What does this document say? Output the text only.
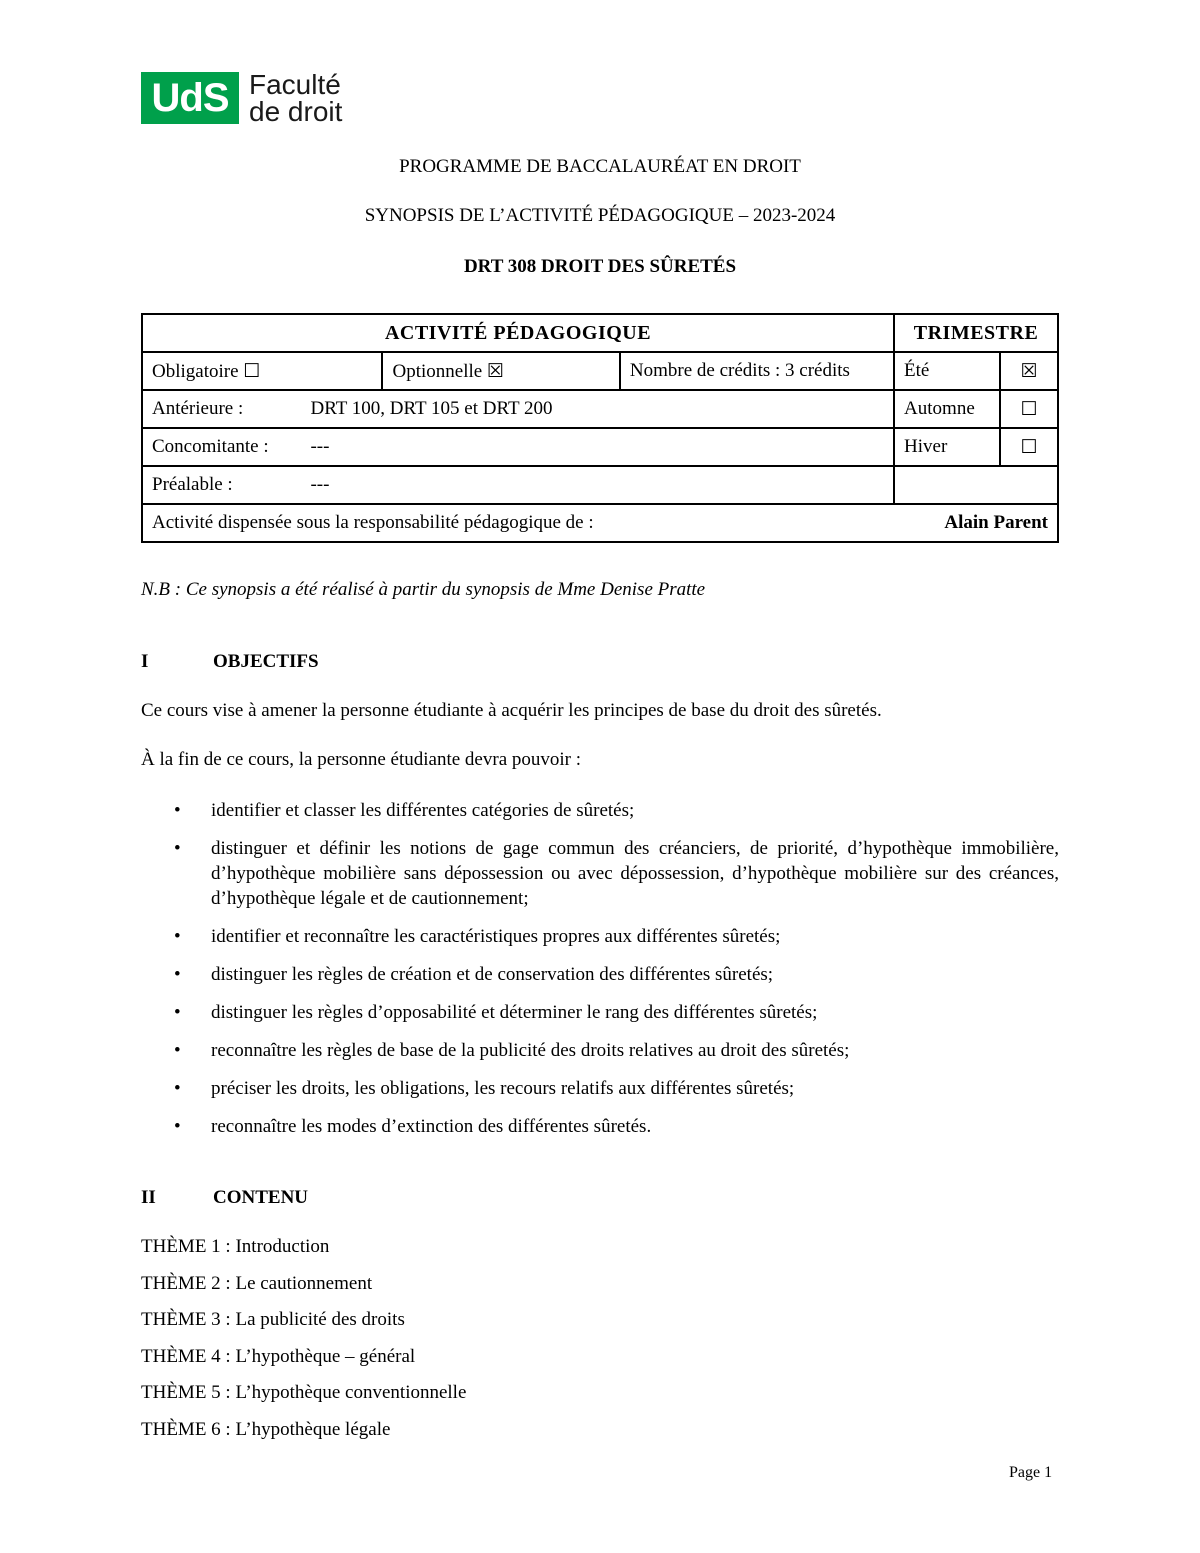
UdS Faculté
de droit
PROGRAMME DE BACCALAURÉAT EN DROIT
SYNOPSIS DE L’ACTIVITÉ PÉDAGOGIQUE – 2023-2024
DRT 308 DROIT DES SÛRETÉS
ACTIVITÉ PÉDAGOGIQUE			TRIMESTRE	
Obligatoire ☐	Optionnelle ☒	Nombre de crédits : 3 crédits	Été	☒
Antérieure :	DRT 100, DRT 105 et DRT 200		Automne	☐
Concomitante :	---		Hiver	☐
Préalable :	---			
Activité dispensée sous la responsabilité pédagogique de : Alain Parent				
N.B : Ce synopsis a été réalisé à partir du synopsis de Mme Denise Pratte
I	OBJECTIFS
Ce cours vise à amener la personne étudiante à acquérir les principes de base du droit des sûretés.
À la fin de ce cours, la personne étudiante devra pouvoir :
• identifier et classer les différentes catégories de sûretés;
• distinguer et définir les notions de gage commun des créanciers, de priorité, d’hypothèque immobilière, d’hypothèque mobilière sans dépossession ou avec dépossession, d’hypothèque mobilière sur des créances, d’hypothèque légale et de cautionnement;
• identifier et reconnaître les caractéristiques propres aux différentes sûretés;
• distinguer les règles de création et de conservation des différentes sûretés;
• distinguer les règles d’opposabilité et déterminer le rang des différentes sûretés;
• reconnaître les règles de base de la publicité des droits relatives au droit des sûretés;
• préciser les droits, les obligations, les recours relatifs aux différentes sûretés;
• reconnaître les modes d’extinction des différentes sûretés.
II	CONTENU
THÈME 1 : Introduction
THÈME 2 : Le cautionnement
THÈME 3 : La publicité des droits
THÈME 4 : L’hypothèque – général
THÈME 5 : L’hypothèque conventionnelle
THÈME 6 : L’hypothèque légale
Page 1
